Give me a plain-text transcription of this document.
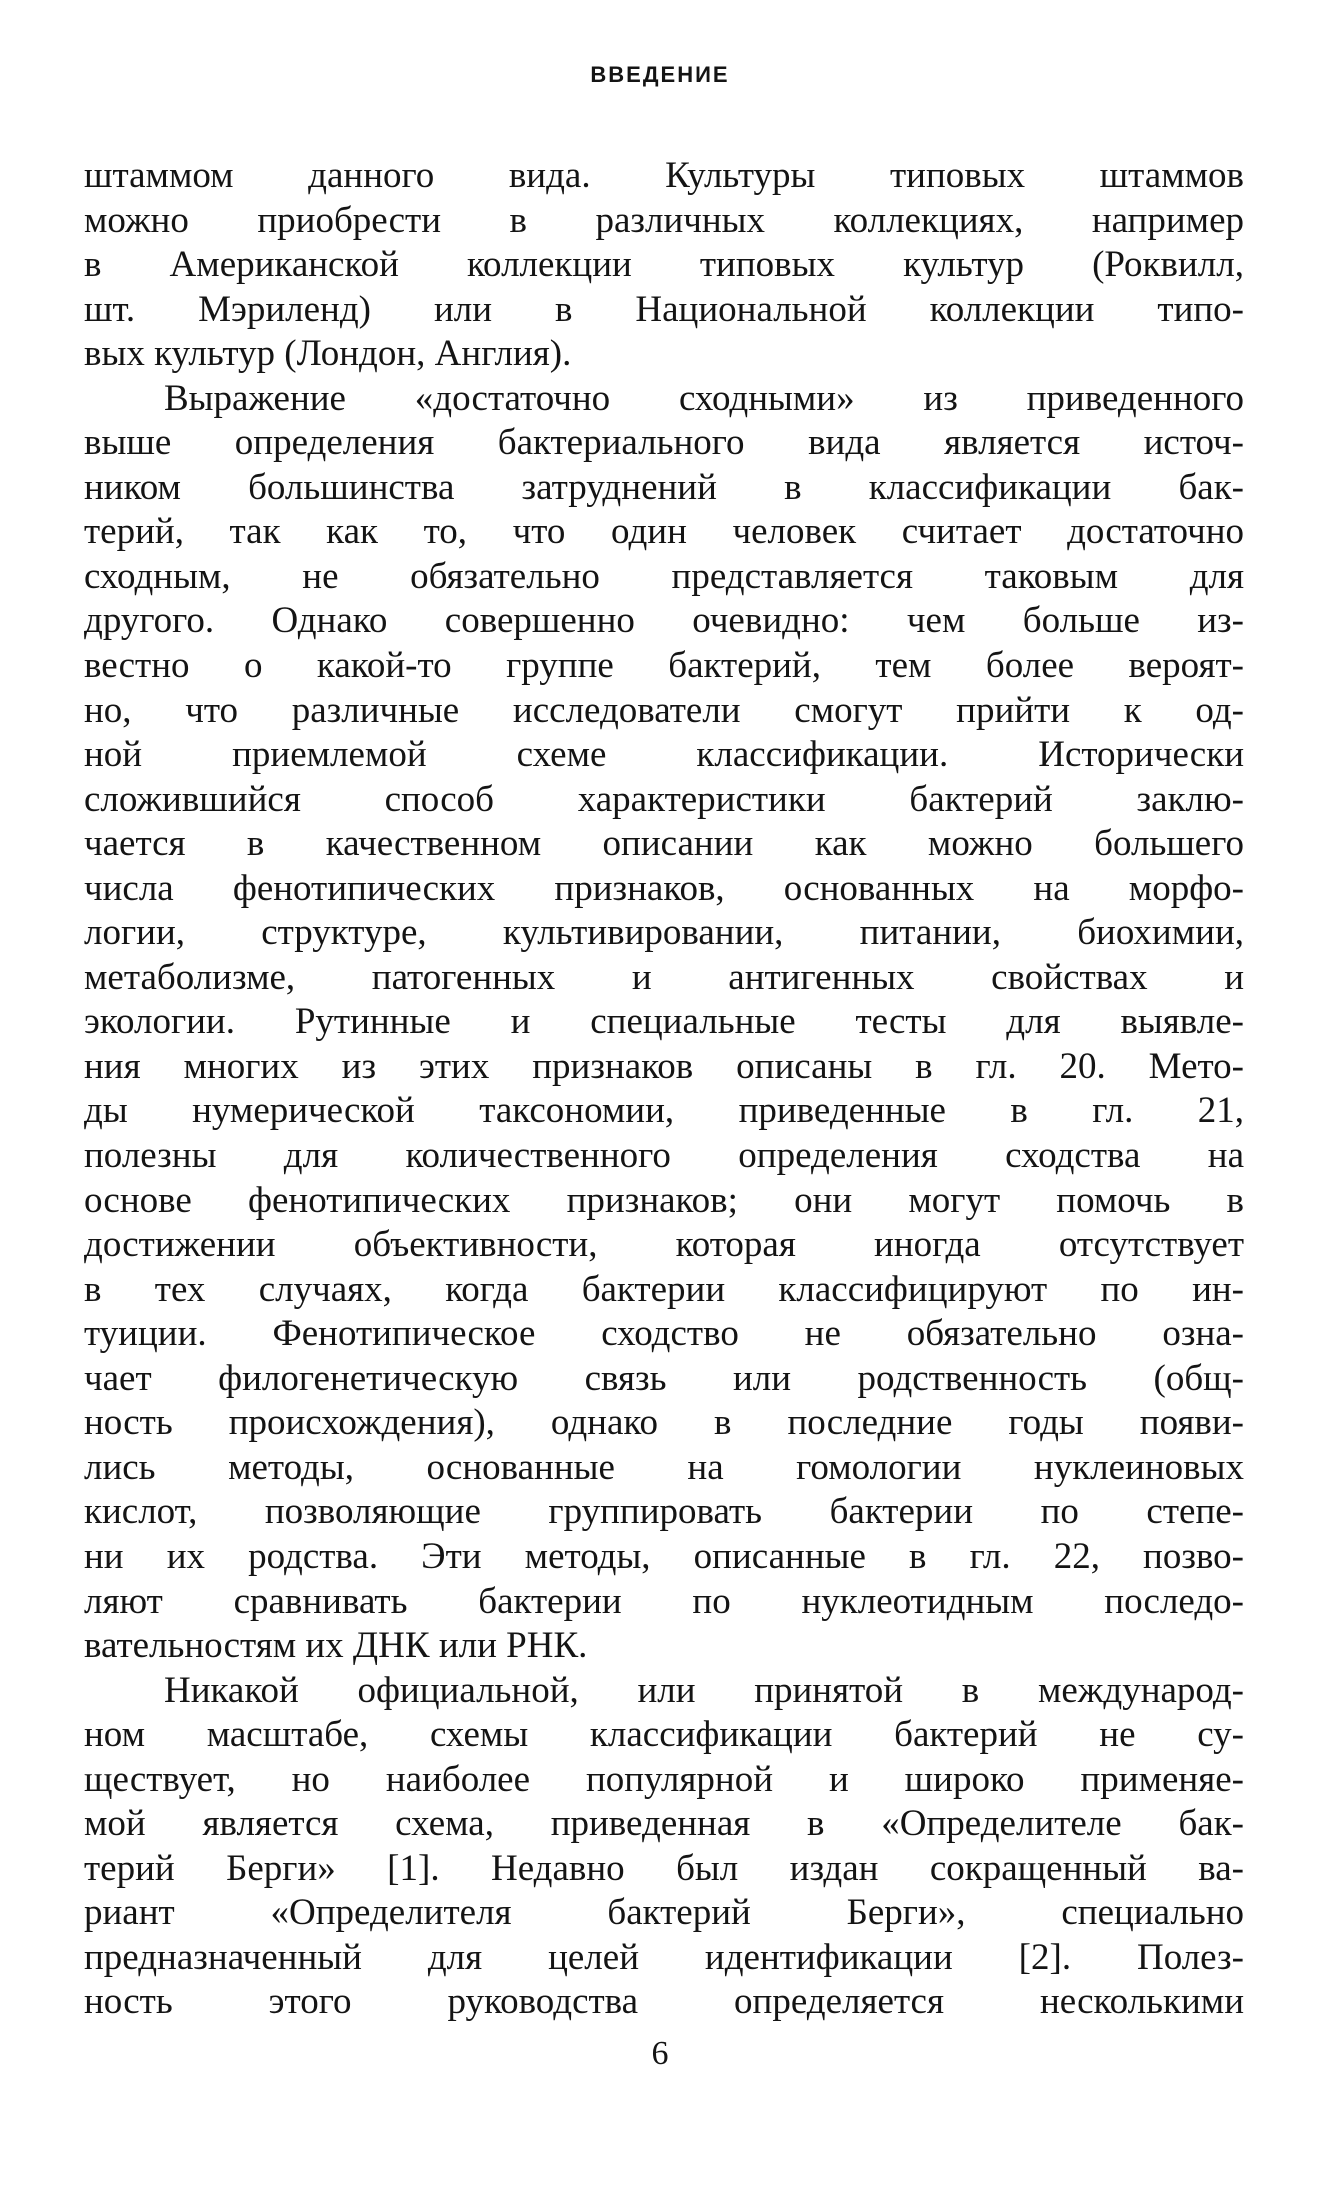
ВВЕДЕНИЕ
штаммом данного вида. Культуры типовых штаммов
можно приобрести в различных коллекциях, например
в Американской коллекции типовых культур (Роквилл,
шт. Мэриленд) или в Национальной коллекции типо-
вых культур (Лондон, Англия).
Выражение «достаточно сходными» из приведенного
выше определения бактериального вида является источ-
ником большинства затруднений в классификации бак-
терий, так как то, что один человек считает достаточно
сходным, не обязательно представляется таковым для
другого. Однако совершенно очевидно: чем больше из-
вестно о какой-то группе бактерий, тем более вероят-
но, что различные исследователи смогут прийти к од-
ной приемлемой схеме классификации. Исторически
сложившийся способ характеристики бактерий заклю-
чается в качественном описании как можно большего
числа фенотипических признаков, основанных на морфо-
логии, структуре, культивировании, питании, биохимии,
метаболизме, патогенных и антигенных свойствах и
экологии. Рутинные и специальные тесты для выявле-
ния многих из этих признаков описаны в гл. 20. Мето-
ды нумерической таксономии, приведенные в гл. 21,
полезны для количественного определения сходства на
основе фенотипических признаков; они могут помочь в
достижении объективности, которая иногда отсутствует
в тех случаях, когда бактерии классифицируют по ин-
туиции. Фенотипическое сходство не обязательно озна-
чает филогенетическую связь или родственность (общ-
ность происхождения), однако в последние годы появи-
лись методы, основанные на гомологии нуклеиновых
кислот, позволяющие группировать бактерии по степе-
ни их родства. Эти методы, описанные в гл. 22, позво-
ляют сравнивать бактерии по нуклеотидным последо-
вательностям их ДНК или РНК.
Никакой официальной, или принятой в международ-
ном масштабе, схемы классификации бактерий не су-
ществует, но наиболее популярной и широко применяе-
мой является схема, приведенная в «Определителе бак-
терий Берги» [1]. Недавно был издан сокращенный ва-
риант «Определителя бактерий Берги», специально
предназначенный для целей идентификации [2]. Полез-
ность этого руководства определяется несколькими
6
